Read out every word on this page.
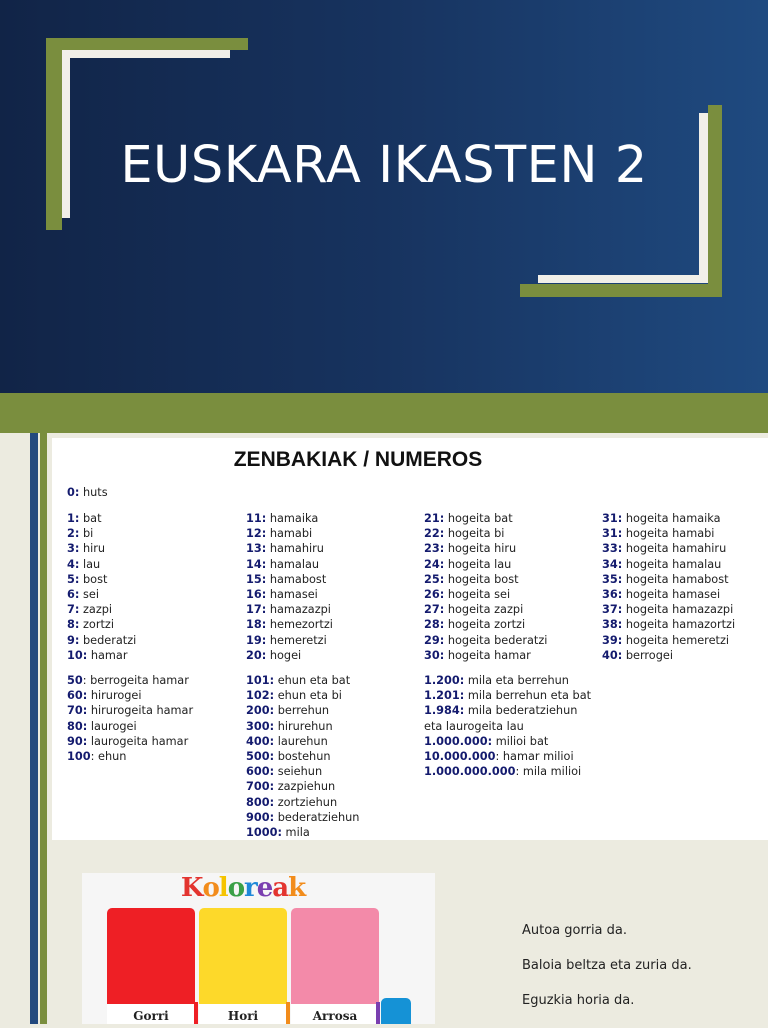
EUSKARA IKASTEN 2
ZENBAKIAK / NUMEROS
0: huts
1: bat
2: bi
3: hiru
4: lau
5: bost
6: sei
7: zazpi
8: zortzi
9: bederatzi
10: hamar
50: berrogeita hamar
60: hirurogei
70: hirurogeita hamar
80: laurogei
90: laurogeita hamar
100: ehun
11: hamaika
12: hamabi
13: hamahiru
14: hamalau
15: hamabost
16: hamasei
17: hamazazpi
18: hemezortzi
19: hemeretzi
20: hogei
101: ehun eta bat
102: ehun eta bi
200: berrehun
300: hirurehun
400: laurehun
500: bostehun
600: seiehun
700: zazpiehun
800: zortziehun
900: bederatziehun
1000: mila
21: hogeita bat
22: hogeita bi
23: hogeita hiru
24: hogeita lau
25: hogeita bost
26: hogeita sei
27: hogeita zazpi
28: hogeita zortzi
29: hogeita bederatzi
30: hogeita hamar
1.200: mila eta berrehun
1.201: mila berrehun eta bat
1.984: mila bederatziehun
eta laurogeita lau
1.000.000: milioi bat
10.000.000: hamar milioi
1.000.000.000: mila milioi
31: hogeita hamaika
31: hogeita hamabi
33: hogeita hamahiru
34: hogeita hamalau
35: hogeita hamabost
36: hogeita hamasei
37: hogeita hamazazpi
38: hogeita hamazortzi
39: hogeita hemeretzi
40: berrogei
Koloreak
Gorri	Hori	Arrosa
Autoa gorria da.
Baloia beltza eta zuria da.
Eguzkia horia da.
